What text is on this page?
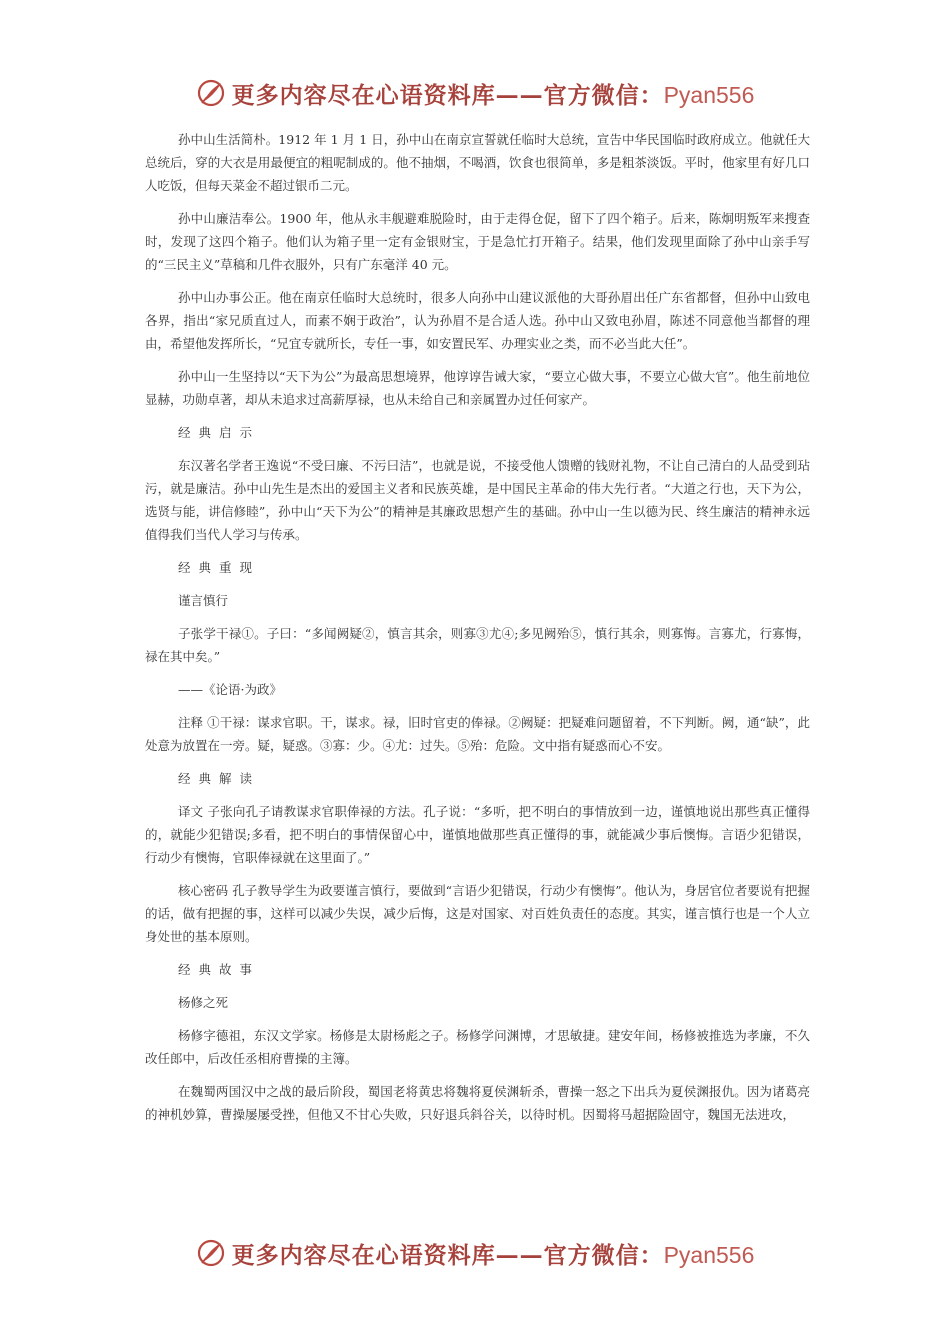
更多内容尽在心语资料库——官方微信：Pyan556

孙中山生活简朴。1912 年 1 月 1 日，孙中山在南京宣誓就任临时大总统，宣告中华民国临时政府成立。他就任大总统后，穿的大衣是用最便宜的粗呢制成的。他不抽烟，不喝酒，饮食也很简单，多是粗茶淡饭。平时，他家里有好几口人吃饭，但每天菜金不超过银币二元。

孙中山廉洁奉公。1900 年，他从永丰舰避难脱险时，由于走得仓促，留下了四个箱子。后来，陈炯明叛军来搜查时，发现了这四个箱子。他们认为箱子里一定有金银财宝，于是急忙打开箱子。结果，他们发现里面除了孙中山亲手写的“三民主义”草稿和几件衣服外，只有广东毫洋 40 元。

孙中山办事公正。他在南京任临时大总统时，很多人向孙中山建议派他的大哥孙眉出任广东省都督，但孙中山致电各界，指出“家兄质直过人，而素不娴于政治”，认为孙眉不是合适人选。孙中山又致电孙眉，陈述不同意他当都督的理由，希望他发挥所长，“兄宜专就所长，专任一事，如安置民军、办理实业之类，而不必当此大任”。

孙中山一生坚持以“天下为公”为最高思想境界，他谆谆告诫大家，“要立心做大事，不要立心做大官”。他生前地位显赫，功勋卓著，却从未追求过高薪厚禄，也从未给自己和亲属置办过任何家产。

经典启示

东汉著名学者王逸说“不受曰廉、不污曰洁”，也就是说，不接受他人馈赠的钱财礼物，不让自己清白的人品受到玷污，就是廉洁。孙中山先生是杰出的爱国主义者和民族英雄，是中国民主革命的伟大先行者。“大道之行也，天下为公，选贤与能，讲信修睦”，孙中山“天下为公”的精神是其廉政思想产生的基础。孙中山一生以德为民、终生廉洁的精神永远值得我们当代人学习与传承。

经典重现

谨言慎行

子张学干禄①。子曰：“多闻阙疑②，慎言其余，则寡③尤④;多见阙殆⑤，慎行其余，则寡悔。言寡尤，行寡悔，禄在其中矣。”

——《论语·为政》

注释 ①干禄：谋求官职。干，谋求。禄，旧时官吏的俸禄。②阙疑：把疑难问题留着，不下判断。阙，通“缺”，此处意为放置在一旁。疑，疑惑。③寡：少。④尤：过失。⑤殆：危险。文中指有疑惑而心不安。

经典解读

译文 子张向孔子请教谋求官职俸禄的方法。孔子说：“多听，把不明白的事情放到一边，谨慎地说出那些真正懂得的，就能少犯错误;多看，把不明白的事情保留心中，谨慎地做那些真正懂得的事，就能减少事后懊悔。言语少犯错误，行动少有懊悔，官职俸禄就在这里面了。”

核心密码 孔子教导学生为政要谨言慎行，要做到“言语少犯错误，行动少有懊悔”。他认为，身居官位者要说有把握的话，做有把握的事，这样可以减少失误，减少后悔，这是对国家、对百姓负责任的态度。其实，谨言慎行也是一个人立身处世的基本原则。

经典故事

杨修之死

杨修字德祖，东汉文学家。杨修是太尉杨彪之子。杨修学问渊博，才思敏捷。建安年间，杨修被推选为孝廉，不久改任郎中，后改任丞相府曹操的主簿。

在魏蜀两国汉中之战的最后阶段，蜀国老将黄忠将魏将夏侯渊斩杀，曹操一怒之下出兵为夏侯渊报仇。因为诸葛亮的神机妙算，曹操屡屡受挫，但他又不甘心失败，只好退兵斜谷关，以待时机。因蜀将马超据险固守，魏国无法进攻，

更多内容尽在心语资料库——官方微信：Pyan556
